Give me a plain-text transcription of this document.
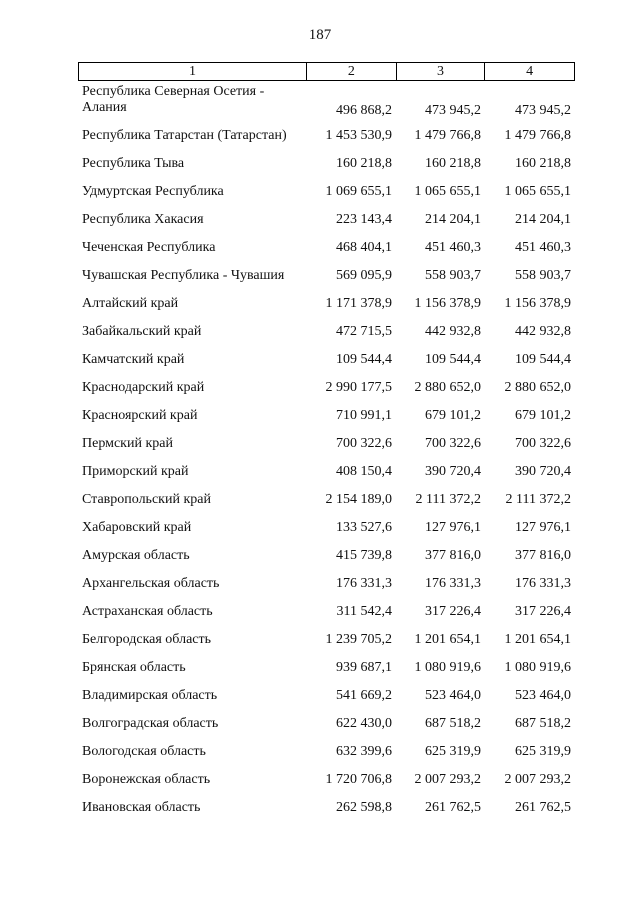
187
1	2	3	4
Республика Северная Осетия - Алания	496 868,2	473 945,2	473 945,2
Республика Татарстан (Татарстан)	1 453 530,9	1 479 766,8	1 479 766,8
Республика Тыва	160 218,8	160 218,8	160 218,8
Удмуртская Республика	1 069 655,1	1 065 655,1	1 065 655,1
Республика Хакасия	223 143,4	214 204,1	214 204,1
Чеченская Республика	468 404,1	451 460,3	451 460,3
Чувашская Республика - Чувашия	569 095,9	558 903,7	558 903,7
Алтайский край	1 171 378,9	1 156 378,9	1 156 378,9
Забайкальский край	472 715,5	442 932,8	442 932,8
Камчатский край	109 544,4	109 544,4	109 544,4
Краснодарский край	2 990 177,5	2 880 652,0	2 880 652,0
Красноярский край	710 991,1	679 101,2	679 101,2
Пермский край	700 322,6	700 322,6	700 322,6
Приморский край	408 150,4	390 720,4	390 720,4
Ставропольский край	2 154 189,0	2 111 372,2	2 111 372,2
Хабаровский край	133 527,6	127 976,1	127 976,1
Амурская область	415 739,8	377 816,0	377 816,0
Архангельская область	176 331,3	176 331,3	176 331,3
Астраханская область	311 542,4	317 226,4	317 226,4
Белгородская область	1 239 705,2	1 201 654,1	1 201 654,1
Брянская область	939 687,1	1 080 919,6	1 080 919,6
Владимирская область	541 669,2	523 464,0	523 464,0
Волгоградская область	622 430,0	687 518,2	687 518,2
Вологодская область	632 399,6	625 319,9	625 319,9
Воронежская область	1 720 706,8	2 007 293,2	2 007 293,2
Ивановская область	262 598,8	261 762,5	261 762,5
